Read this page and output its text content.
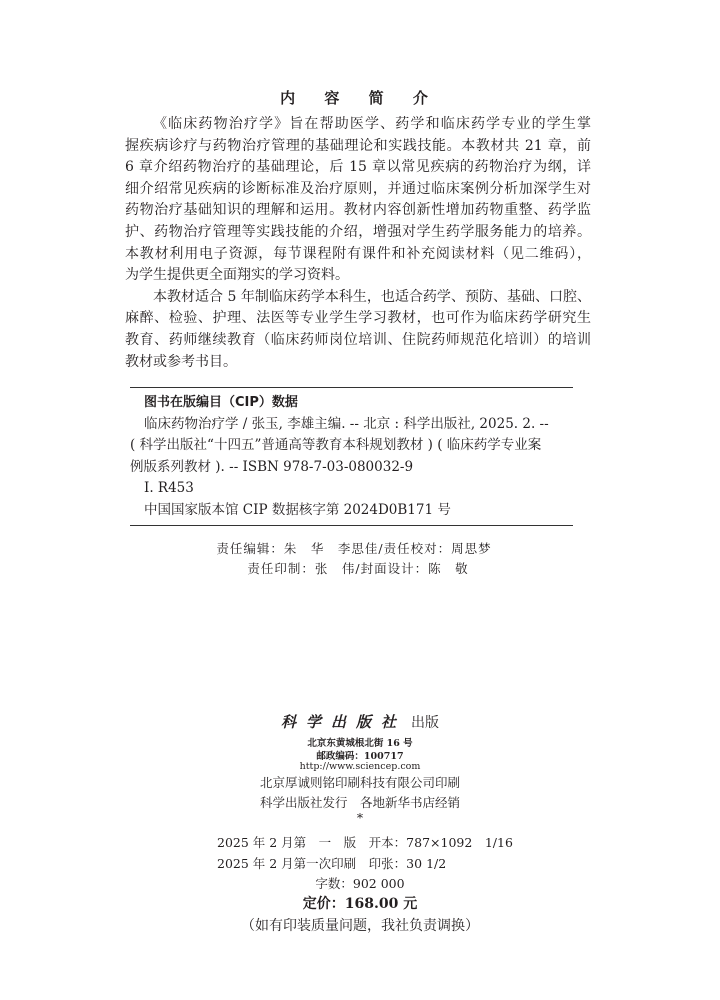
内 容 简 介
《临床药物治疗学》旨在帮助医学、药学和临床药学专业的学生掌
握疾病诊疗与药物治疗管理的基础理论和实践技能。本教材共 21 章，前
6 章介绍药物治疗的基础理论，后 15 章以常见疾病的药物治疗为纲，详
细介绍常见疾病的诊断标准及治疗原则，并通过临床案例分析加深学生对
药物治疗基础知识的理解和运用。教材内容创新性增加药物重整、药学监
护、药物治疗管理等实践技能的介绍，增强对学生药学服务能力的培养。
本教材利用电子资源，每节课程附有课件和补充阅读材料（见二维码），
为学生提供更全面翔实的学习资料。
本教材适合 5 年制临床药学本科生，也适合药学、预防、基础、口腔、
麻醉、检验、护理、法医等专业学生学习教材，也可作为临床药学研究生
教育、药师继续教育（临床药师岗位培训、住院药师规范化培训）的培训
教材或参考书目。
图书在版编目（CIP）数据
临床药物治疗学 / 张玉, 李雄主编. -- 北京 : 科学出版社, 2025. 2. --
( 科学出版社“十四五”普通高等教育本科规划教材 ) ( 临床药学专业案
例版系列教材 ). -- ISBN 978-7-03-080032-9
Ⅰ. R453
中国国家版本馆 CIP 数据核字第 2024D0B171 号
责任编辑：朱　华　李思佳/责任校对：周思梦
责任印制：张　伟/封面设计：陈　敬
科学出版社 出版
北京东黄城根北街 16 号
邮政编码：100717
http://www.sciencep.com
北京厚诚则铭印刷科技有限公司印刷
科学出版社发行　各地新华书店经销
*
2025 年 2 月第　一　版　开本：787×1092　1/16
2025 年 2 月第一次印刷　印张：30 1/2
字数：902 000
定价：168.00 元
（如有印装质量问题，我社负责调换）
